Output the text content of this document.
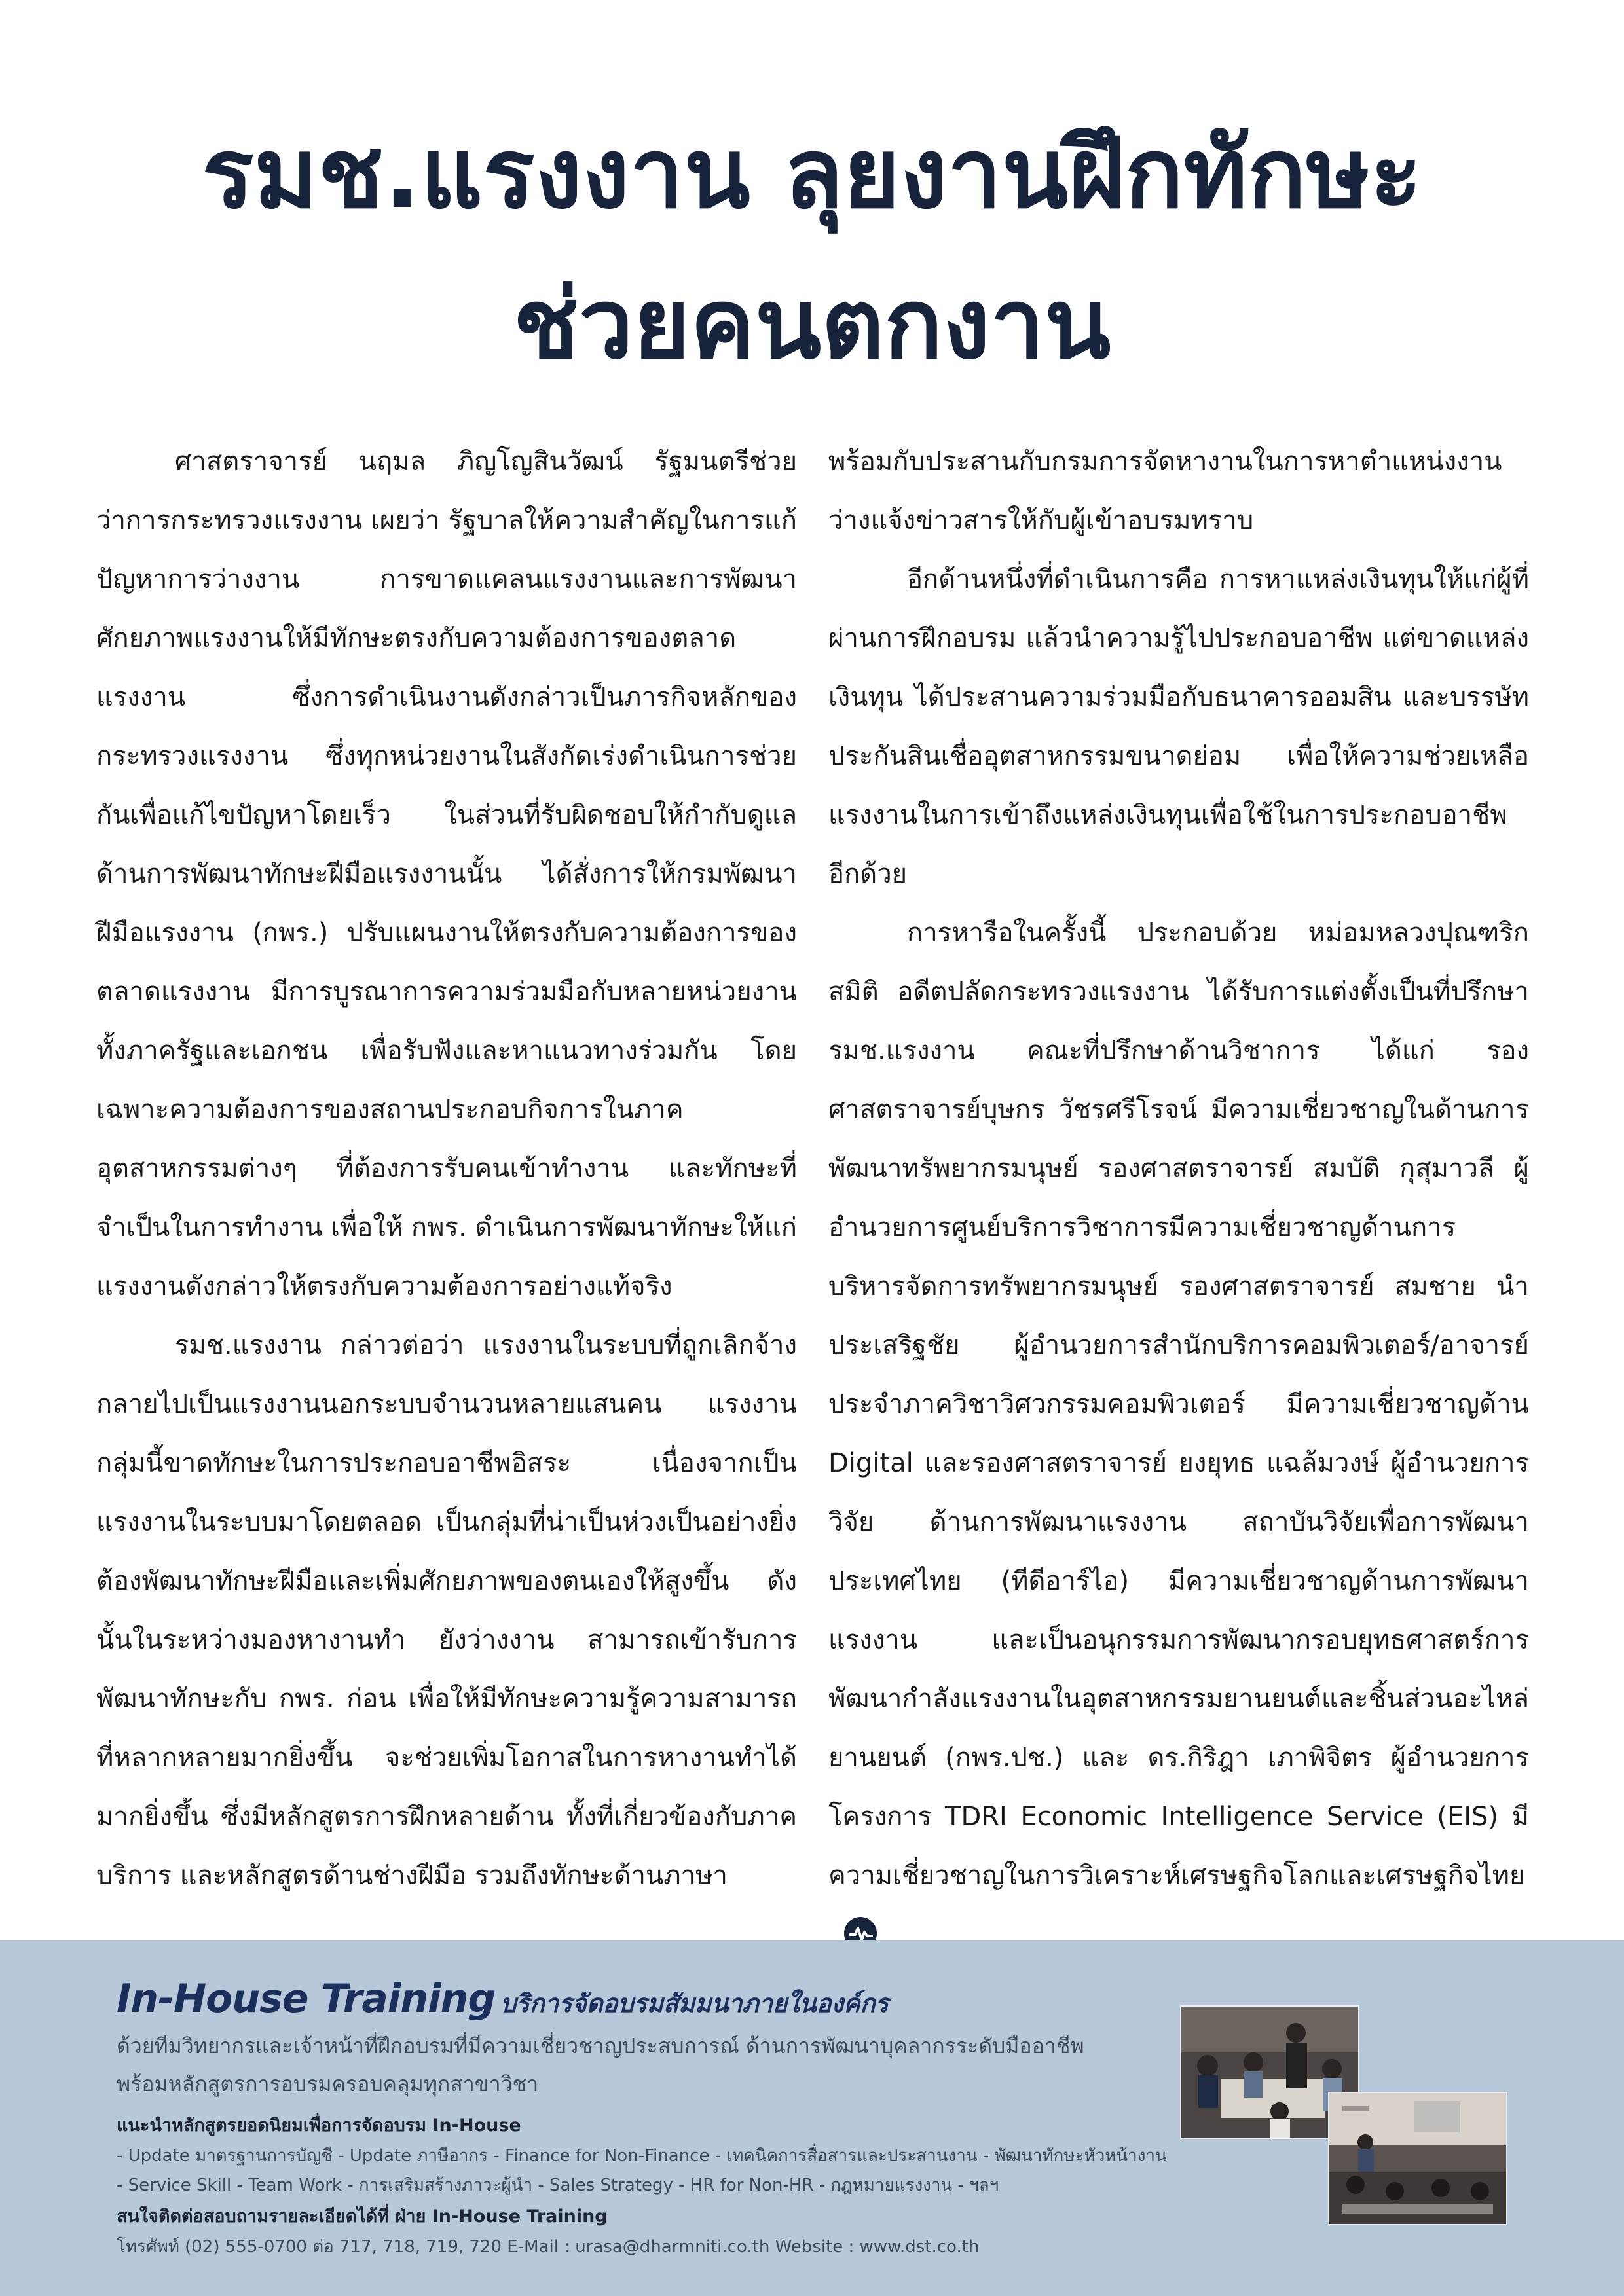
รมช.แรงงาน ลุยงานฝึกทักษะ
ช่วยคนตกงาน

ศาสตราจารย์ นฤมล ภิญโญสินวัฒน์ รัฐมนตรีช่วยว่าการกระทรวงแรงงาน เผยว่า รัฐบาลให้ความสำคัญในการแก้ปัญหาการว่างงาน การขาดแคลนแรงงานและการพัฒนาศักยภาพแรงงานให้มีทักษะตรงกับความต้องการของตลาดแรงงาน ซึ่งการดำเนินงานดังกล่าวเป็นภารกิจหลักของกระทรวงแรงงาน ซึ่งทุกหน่วยงานในสังกัดเร่งดำเนินการช่วยกันเพื่อแก้ไขปัญหาโดยเร็ว ในส่วนที่รับผิดชอบให้กำกับดูแลด้านการพัฒนาทักษะฝีมือแรงงานนั้น ได้สั่งการให้กรมพัฒนาฝีมือแรงงาน (กพร.) ปรับแผนงานให้ตรงกับความต้องการของตลาดแรงงาน มีการบูรณาการความร่วมมือกับหลายหน่วยงาน ทั้งภาครัฐและเอกชน เพื่อรับฟังและหาแนวทางร่วมกัน โดยเฉพาะความต้องการของสถานประกอบกิจการในภาคอุตสาหกรรมต่างๆ ที่ต้องการรับคนเข้าทำงาน และทักษะที่จำเป็นในการทำงาน เพื่อให้ กพร. ดำเนินการพัฒนาทักษะให้แก่แรงงานดังกล่าวให้ตรงกับความต้องการอย่างแท้จริง

รมช.แรงงาน กล่าวต่อว่า แรงงานในระบบที่ถูกเลิกจ้างกลายไปเป็นแรงงานนอกระบบจำนวนหลายแสนคน แรงงานกลุ่มนี้ขาดทักษะในการประกอบอาชีพอิสระ เนื่องจากเป็นแรงงานในระบบมาโดยตลอด เป็นกลุ่มที่น่าเป็นห่วงเป็นอย่างยิ่ง ต้องพัฒนาทักษะฝีมือและเพิ่มศักยภาพของตนเองให้สูงขึ้น ดังนั้นในระหว่างมองหางานทำ ยังว่างงาน สามารถเข้ารับการพัฒนาทักษะกับ กพร. ก่อน เพื่อให้มีทักษะความรู้ความสามารถที่หลากหลายมากยิ่งขึ้น จะช่วยเพิ่มโอกาสในการหางานทำได้มากยิ่งขึ้น ซึ่งมีหลักสูตรการฝึกหลายด้าน ทั้งที่เกี่ยวข้องกับภาคบริการ และหลักสูตรด้านช่างฝีมือ รวมถึงทักษะด้านภาษา

พร้อมกับประสานกับกรมการจัดหางานในการหาตำแหน่งงานว่างแจ้งข่าวสารให้กับผู้เข้าอบรมทราบ

อีกด้านหนึ่งที่ดำเนินการคือ การหาแหล่งเงินทุนให้แก่ผู้ที่ผ่านการฝึกอบรม แล้วนำความรู้ไปประกอบอาชีพ แต่ขาดแหล่งเงินทุน ได้ประสานความร่วมมือกับธนาคารออมสิน และบรรษัทประกันสินเชื่ออุตสาหกรรมขนาดย่อม เพื่อให้ความช่วยเหลือแรงงานในการเข้าถึงแหล่งเงินทุนเพื่อใช้ในการประกอบอาชีพอีกด้วย

การหารือในครั้งนี้ ประกอบด้วย หม่อมหลวงปุณฑริก สมิติ อดีตปลัดกระทรวงแรงงาน ได้รับการแต่งตั้งเป็นที่ปรึกษา รมช.แรงงาน คณะที่ปรึกษาด้านวิชาการ ได้แก่ รองศาสตราจารย์บุษกร วัชรศรีโรจน์ มีความเชี่ยวชาญในด้านการพัฒนาทรัพยากรมนุษย์ รองศาสตราจารย์ สมบัติ กุสุมาวลี ผู้อำนวยการศูนย์บริการวิชาการมีความเชี่ยวชาญด้านการบริหารจัดการทรัพยากรมนุษย์ รองศาสตราจารย์ สมชาย นำประเสริฐชัย ผู้อำนวยการสำนักบริการคอมพิวเตอร์/อาจารย์ประจำภาควิชาวิศวกรรมคอมพิวเตอร์ มีความเชี่ยวชาญด้าน Digital และรองศาสตราจารย์ ยงยุทธ แฉล้มวงษ์ ผู้อำนวยการวิจัย ด้านการพัฒนาแรงงาน สถาบันวิจัยเพื่อการพัฒนาประเทศไทย (ทีดีอาร์ไอ) มีความเชี่ยวชาญด้านการพัฒนาแรงงาน และเป็นอนุกรรมการพัฒนากรอบยุทธศาสตร์การพัฒนากำลังแรงงานในอุตสาหกรรมยานยนต์และชิ้นส่วนอะไหล่ยานยนต์ (กพร.ปช.) และ ดร.กิริฎา เภาพิจิตร ผู้อำนวยการโครงการ TDRI Economic Intelligence Service (EIS) มีความเชี่ยวชาญในการวิเคราะห์เศรษฐกิจโลกและเศรษฐกิจไทย

In-House Training บริการจัดอบรมสัมมนาภายในองค์กร
ด้วยทีมวิทยากรและเจ้าหน้าที่ฝึกอบรมที่มีความเชี่ยวชาญประสบการณ์ ด้านการพัฒนาบุคลากรระดับมืออาชีพ
พร้อมหลักสูตรการอบรมครอบคลุมทุกสาขาวิชา
แนะนำหลักสูตรยอดนิยมเพื่อการจัดอบรม In-House
- Update มาตรฐานการบัญชี - Update ภาษีอากร - Finance for Non-Finance - เทคนิคการสื่อสารและประสานงาน - พัฒนาทักษะหัวหน้างาน
- Service Skill - Team Work - การเสริมสร้างภาวะผู้นำ - Sales Strategy - HR for Non-HR - กฎหมายแรงงาน - ฯลฯ
สนใจติดต่อสอบถามรายละเอียดได้ที่ ฝ่าย In-House Training
โทรศัพท์ (02) 555-0700 ต่อ 717, 718, 719, 720 E-Mail : urasa@dharmniti.co.th Website : www.dst.co.th
